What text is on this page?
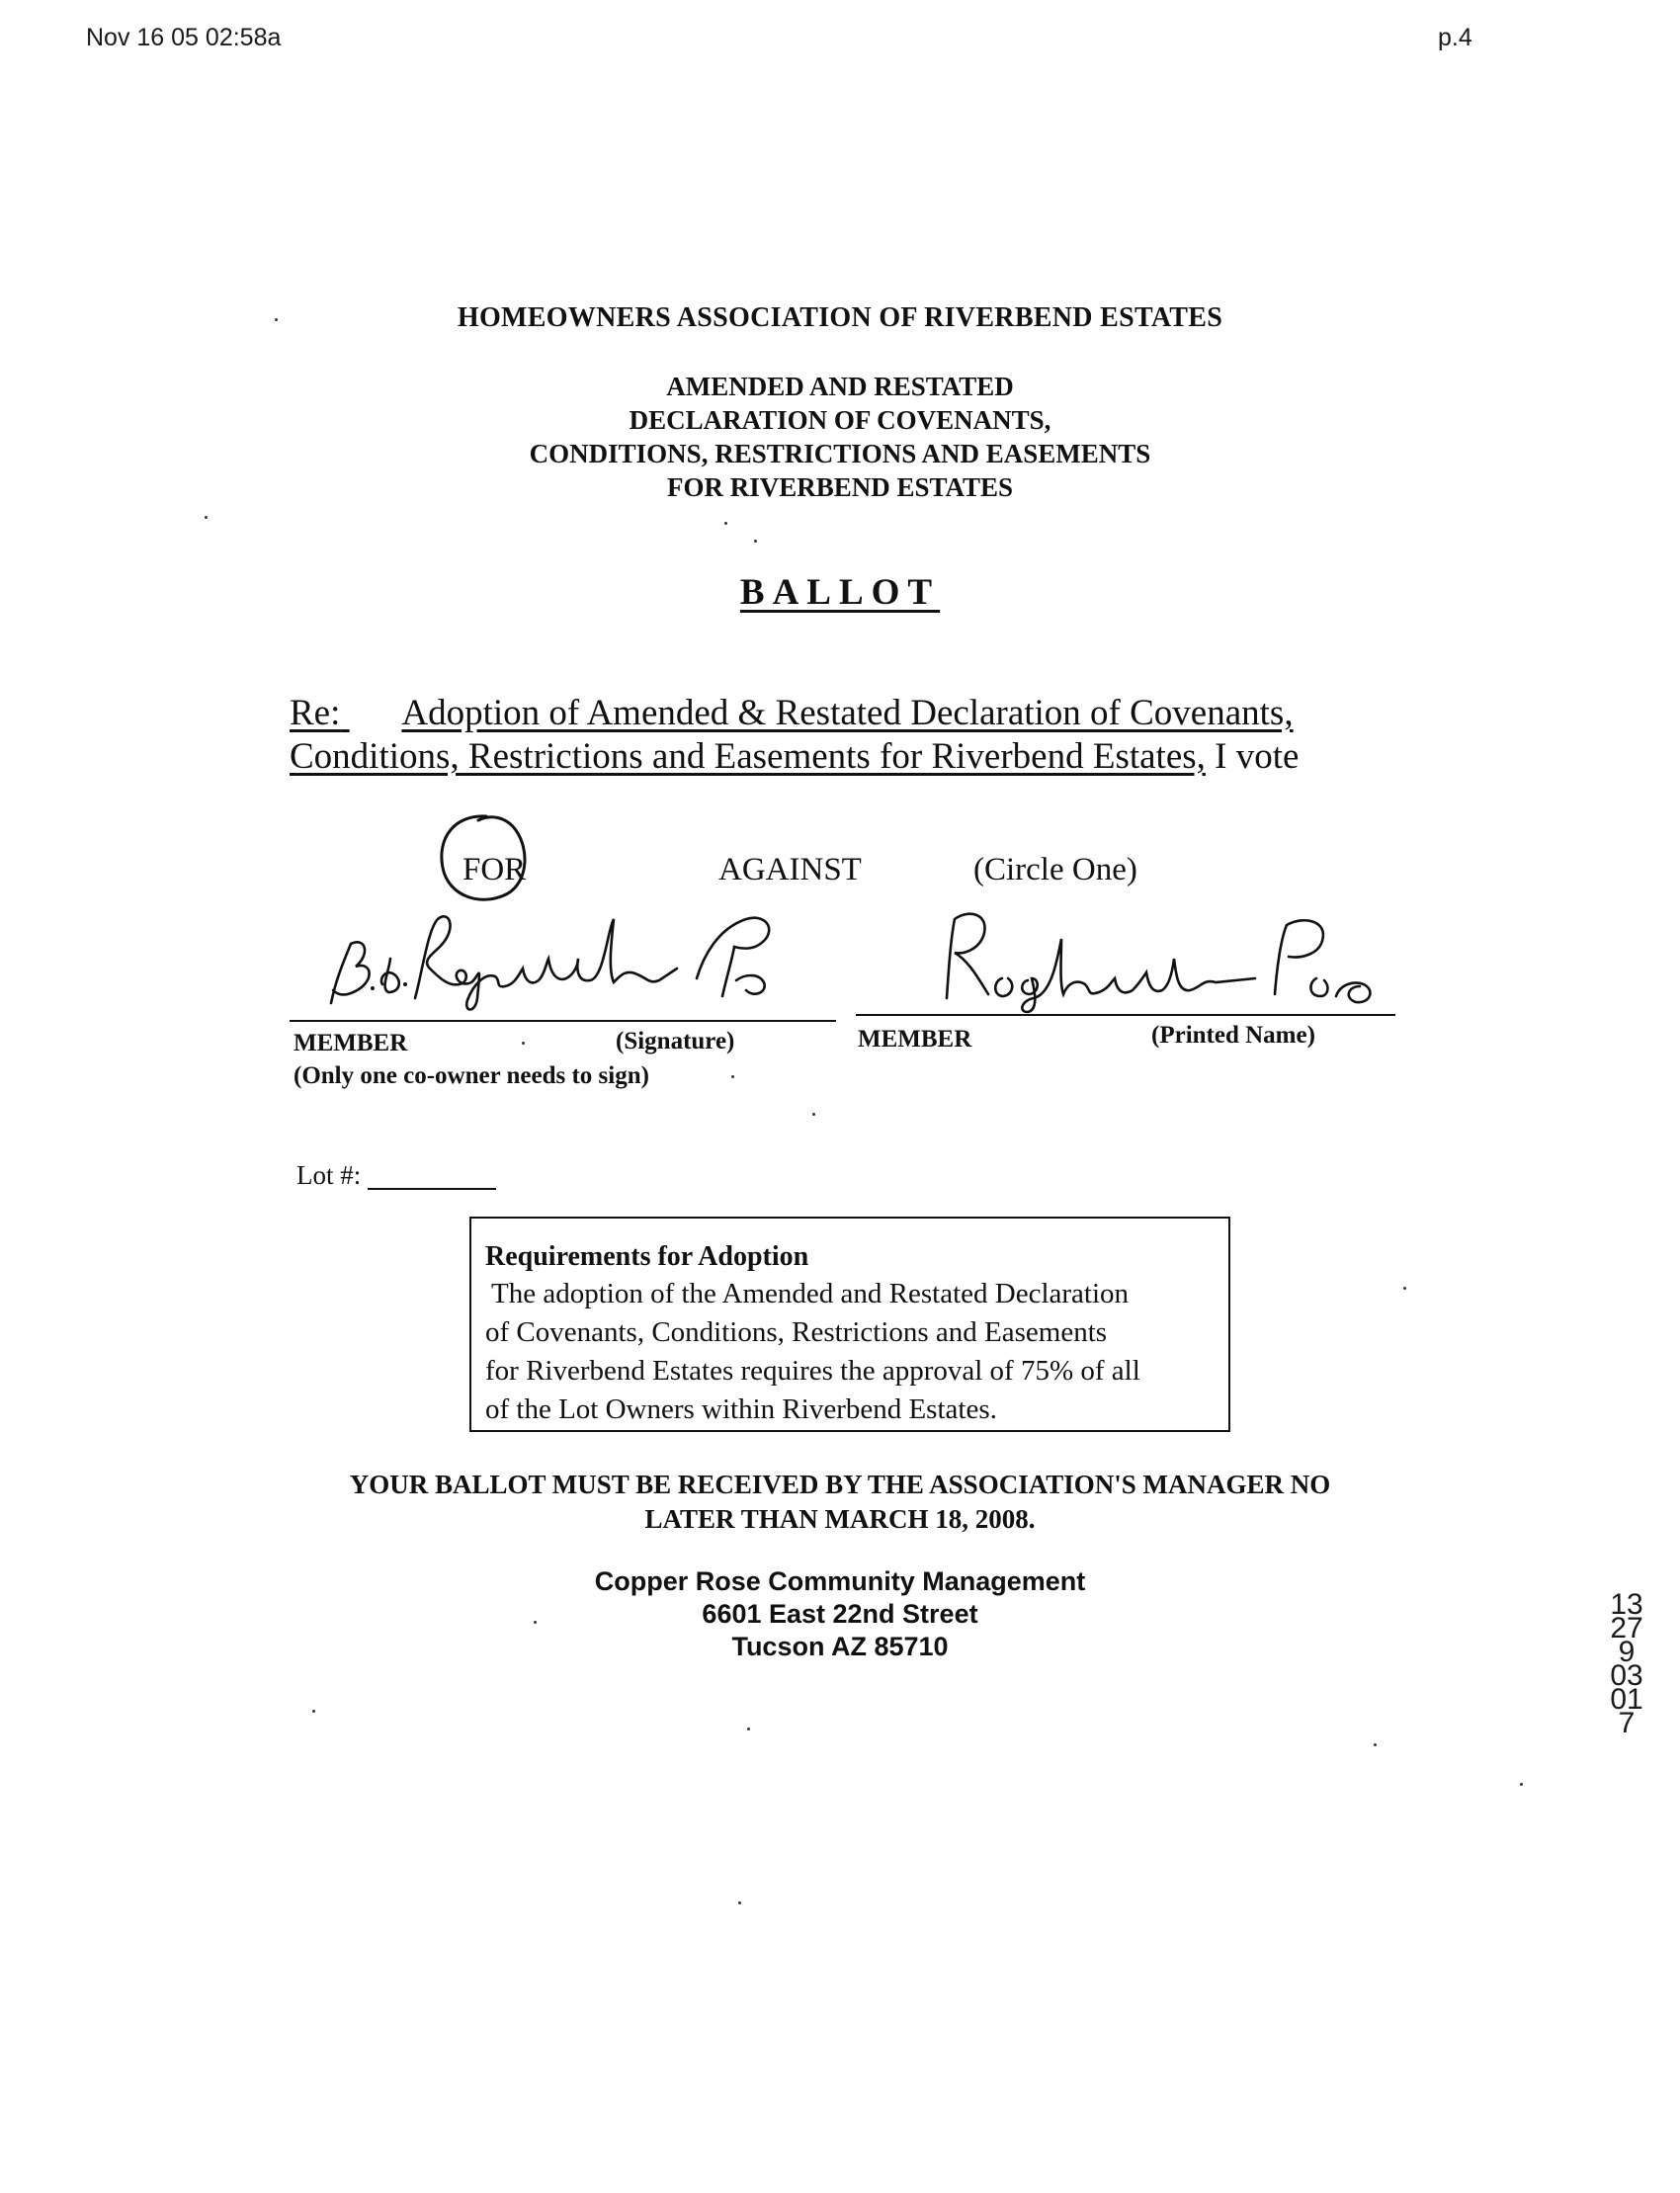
Nov 16 05 02:58a	p.4
HOMEOWNERS ASSOCIATION OF RIVERBEND ESTATES
AMENDED AND RESTATED
DECLARATION OF COVENANTS,
CONDITIONS, RESTRICTIONS AND EASEMENTS
FOR RIVERBEND ESTATES
BALLOT
Re: Adoption of Amended & Restated Declaration of Covenants,
Conditions, Restrictions and Easements for Riverbend Estates, I vote
FOR	AGAINST	(Circle One)
MEMBER	(Signature)	MEMBER	(Printed Name)
(Only one co-owner needs to sign)
Lot #:
Requirements for Adoption
The adoption of the Amended and Restated Declaration
of Covenants, Conditions, Restrictions and Easements
for Riverbend Estates requires the approval of 75% of all
of the Lot Owners within Riverbend Estates.
YOUR BALLOT MUST BE RECEIVED BY THE ASSOCIATION'S MANAGER NO
LATER THAN MARCH 18, 2008.
Copper Rose Community Management
6601 East 22nd Street
Tucson AZ 85710
13279 03017
